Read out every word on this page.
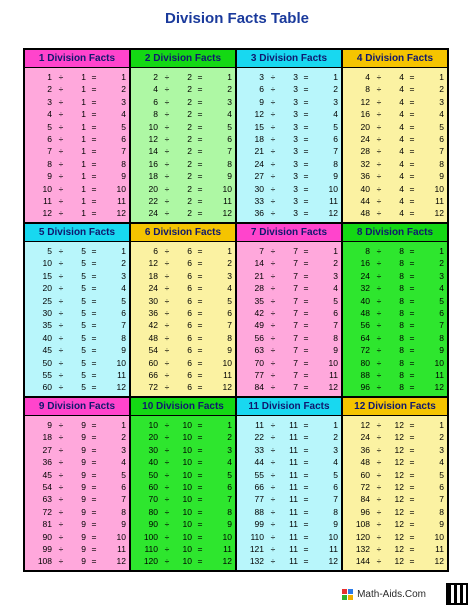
Division Facts Table
1 Division Facts
1 ÷	1 =	1
2 ÷	1 =	2
3 ÷	1 =	3
4 ÷	1 =	4
5 ÷	1 =	5
6 ÷	1 =	6
7 ÷	1 =	7
8 ÷	1 =	8
9 ÷	1 =	9
10 ÷	1 =	10
11 ÷	1 =	11
12 ÷	1 =	12
2 Division Facts
2 ÷	2 =	1
4 ÷	2 =	2
6 ÷	2 =	3
8 ÷	2 =	4
10 ÷	2 =	5
12 ÷	2 =	6
14 ÷	2 =	7
16 ÷	2 =	8
18 ÷	2 =	9
20 ÷	2 =	10
22 ÷	2 =	11
24 ÷	2 =	12
3 Division Facts
3 ÷	3 =	1
6 ÷	3 =	2
9 ÷	3 =	3
12 ÷	3 =	4
15 ÷	3 =	5
18 ÷	3 =	6
21 ÷	3 =	7
24 ÷	3 =	8
27 ÷	3 =	9
30 ÷	3 =	10
33 ÷	3 =	11
36 ÷	3 =	12
4 Division Facts
4 ÷	4 =	1
8 ÷	4 =	2
12 ÷	4 =	3
16 ÷	4 =	4
20 ÷	4 =	5
24 ÷	4 =	6
28 ÷	4 =	7
32 ÷	4 =	8
36 ÷	4 =	9
40 ÷	4 =	10
44 ÷	4 =	11
48 ÷	4 =	12
5 Division Facts
5 ÷	5 =	1
10 ÷	5 =	2
15 ÷	5 =	3
20 ÷	5 =	4
25 ÷	5 =	5
30 ÷	5 =	6
35 ÷	5 =	7
40 ÷	5 =	8
45 ÷	5 =	9
50 ÷	5 =	10
55 ÷	5 =	11
60 ÷	5 =	12
6 Division Facts
6 ÷	6 =	1
12 ÷	6 =	2
18 ÷	6 =	3
24 ÷	6 =	4
30 ÷	6 =	5
36 ÷	6 =	6
42 ÷	6 =	7
48 ÷	6 =	8
54 ÷	6 =	9
60 ÷	6 =	10
66 ÷	6 =	11
72 ÷	6 =	12
7 Division Facts
7 ÷	7 =	1
14 ÷	7 =	2
21 ÷	7 =	3
28 ÷	7 =	4
35 ÷	7 =	5
42 ÷	7 =	6
49 ÷	7 =	7
56 ÷	7 =	8
63 ÷	7 =	9
70 ÷	7 =	10
77 ÷	7 =	11
84 ÷	7 =	12
8 Division Facts
8 ÷	8 =	1
16 ÷	8 =	2
24 ÷	8 =	3
32 ÷	8 =	4
40 ÷	8 =	5
48 ÷	8 =	6
56 ÷	8 =	7
64 ÷	8 =	8
72 ÷	8 =	9
80 ÷	8 =	10
88 ÷	8 =	11
96 ÷	8 =	12
9 Division Facts
9 ÷	9 =	1
18 ÷	9 =	2
27 ÷	9 =	3
36 ÷	9 =	4
45 ÷	9 =	5
54 ÷	9 =	6
63 ÷	9 =	7
72 ÷	9 =	8
81 ÷	9 =	9
90 ÷	9 =	10
99 ÷	9 =	11
108 ÷	9 =	12
10 Division Facts
10 ÷	10 =	1
20 ÷	10 =	2
30 ÷	10 =	3
40 ÷	10 =	4
50 ÷	10 =	5
60 ÷	10 =	6
70 ÷	10 =	7
80 ÷	10 =	8
90 ÷	10 =	9
100 ÷	10 =	10
110 ÷	10 =	11
120 ÷	10 =	12
11 Division Facts
11 ÷	11 =	1
22 ÷	11 =	2
33 ÷	11 =	3
44 ÷	11 =	4
55 ÷	11 =	5
66 ÷	11 =	6
77 ÷	11 =	7
88 ÷	11 =	8
99 ÷	11 =	9
110 ÷	11 =	10
121 ÷	11 =	11
132 ÷	11 =	12
12 Division Facts
12 ÷	12 =	1
24 ÷	12 =	2
36 ÷	12 =	3
48 ÷	12 =	4
60 ÷	12 =	5
72 ÷	12 =	6
84 ÷	12 =	7
96 ÷	12 =	8
108 ÷	12 =	9
120 ÷	12 =	10
132 ÷	12 =	11
144 ÷	12 =	12
Math-Aids.Com
